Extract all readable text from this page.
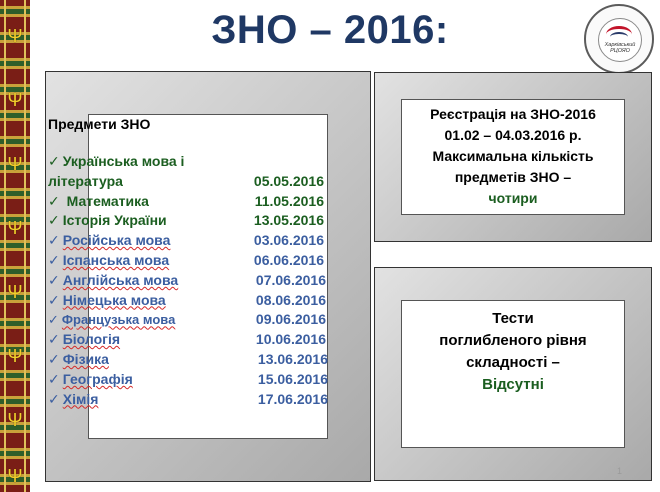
Ψ
Ψ
Ψ
Ψ
Ψ
Ψ
Ψ
Ψ
Харківський РЦОЯО
ЗНО – 2016:
Предмети ЗНО
✓ Українська мова і
література	05.05.2016
✓ Математика	11.05.2016
✓ Історія України	13.05.2016
✓ Російська мова	03.06.2016
✓ Іспанська мова	06.06.2016
✓ Англійська мова	07.06.2016
✓ Німецька мова	08.06.2016
✓ Французька мова	09.06.2016
✓ Біологія	10.06.2016
✓ Фізика	13.06.2016
✓ Географія	15.06.2016
✓ Хімія	17.06.2016
Реєстрація на ЗНО-2016
01.02 – 04.03.2016 р.
Максимальна кількість
предметів ЗНО –
чотири
Тести
поглибленого рівня
складності –
Відсутні
1
